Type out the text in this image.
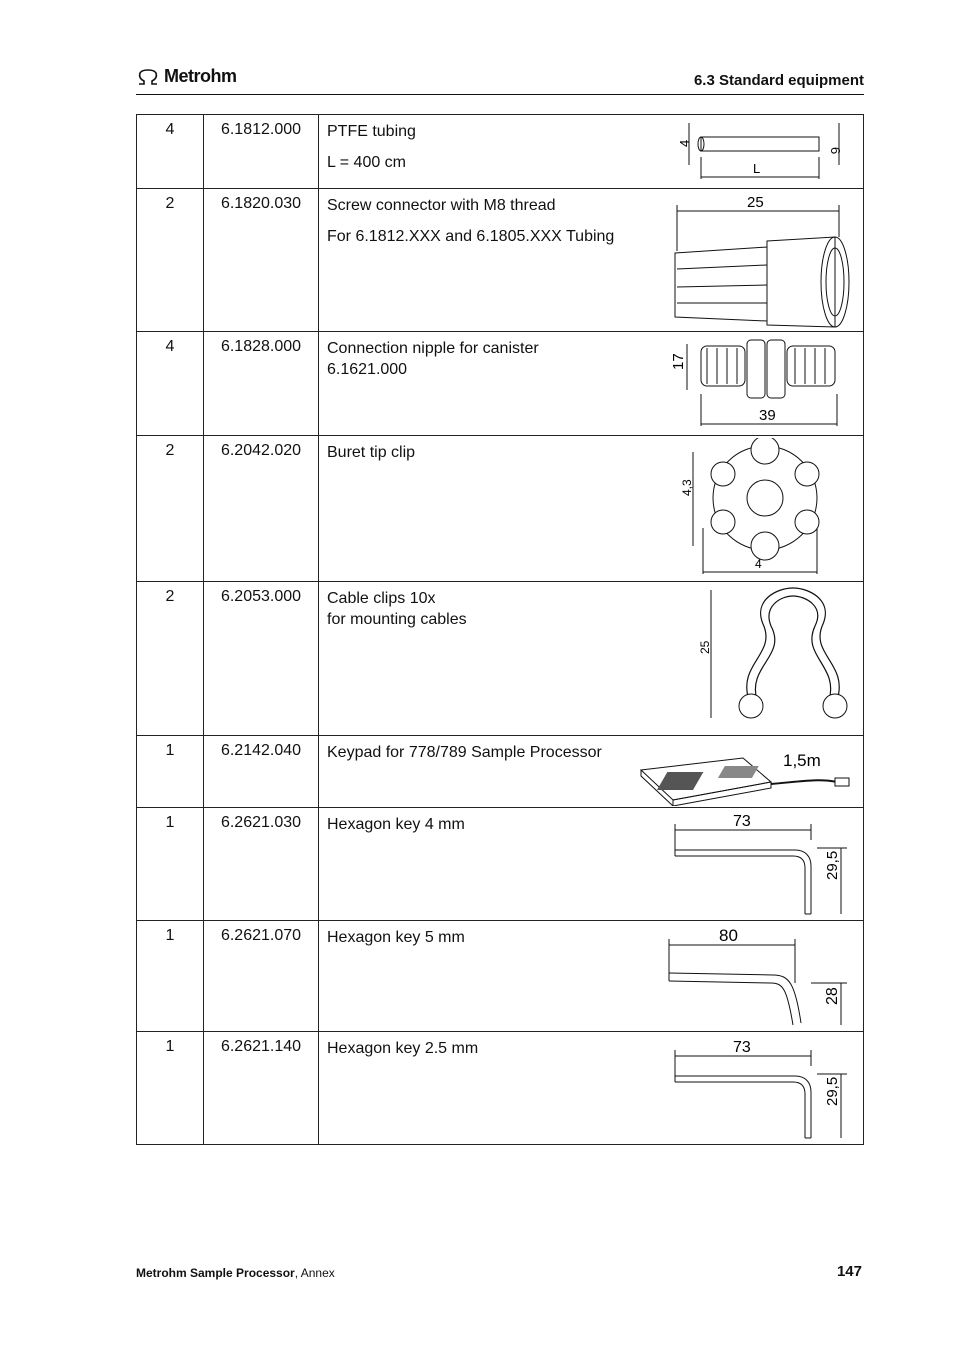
Metrohm	6.3 Standard equipment
4	6.1812.000	PTFE tubing
L = 400 cm
4
6
L

2	6.1820.030	Screw connector with M8 thread
For 6.1812.XXX and 6.1805.XXX Tubing
25

4	6.1828.000	Connection nipple for canister
6.1621.000 17
39

2	6.2042.020	Buret tip clip
4,3
4

2	6.2053.000	Cable clips 10x
for mounting cables
25

1	6.2142.040	Keypad for 778/789 Sample Processor 1,5m

1	6.2621.030	Hexagon key 4 mm 73
29,5

1	6.2621.070	Hexagon key 5 mm 80
28

1	6.2621.140	Hexagon key 2.5 mm 73
29,5
Metrohm Sample Processor, Annex	147
